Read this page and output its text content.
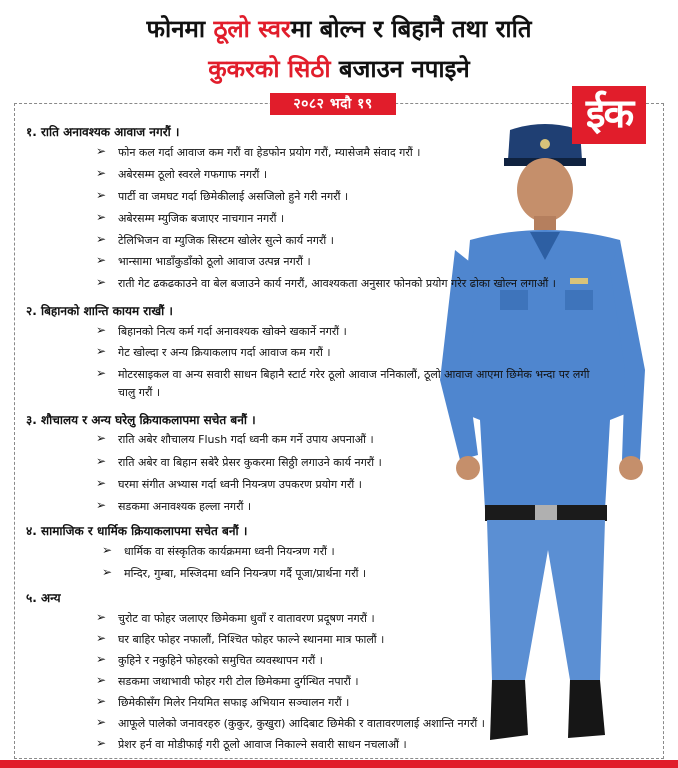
फोनमा ठूलो स्वरमा बोल्न र बिहानै तथा राति
कुकरको सिठी बजाउन नपाइने
२०८२ भदौ १९	ईक
१. राति अनावश्यक आवाज नगरौं ।
➢ फोन कल गर्दा आवाज कम गरौं वा हेडफोन प्रयोग गरौं, म्यासेजमै संवाद गरौं ।
➢ अबेरसम्म ठूलो स्वरले गफगाफ नगरौं ।
➢ पार्टी वा जमघट गर्दा छिमेकीलाई असजिलो हुने गरी नगरौं ।
➢ अबेरसम्म म्युजिक बजाएर नाचगान नगरौं ।
➢ टेलिभिजन वा म्युजिक सिस्टम खोलेर सुत्ने कार्य नगरौं ।
➢ भान्सामा भाडाँकुडाँको ठूलो आवाज उत्पन्न नगरौं ।
➢ राती गेट ढकढकाउने वा बेल बजाउने कार्य नगरौं, आवश्यकता अनुसार फोनको प्रयोग गरेर ढोका खोल्न लगाऔं ।
२. बिहानको शान्ति कायम राखौं ।
➢ बिहानको नित्य कर्म गर्दा अनावश्यक खोक्ने खकार्ने नगरौं ।
➢ गेट खोल्दा र अन्य क्रियाकलाप गर्दा आवाज कम गरौं ।
➢ मोटरसाइकल वा अन्य सवारी साधन बिहानै स्टार्ट गरेर ठूलो आवाज ननिकालौं, ठूलो आवाज आएमा छिमेक भन्दा पर लगी
चालु गरौं ।
३. शौचालय र अन्य घरेलु क्रियाकलापमा सचेत बनौं ।
➢ राति अबेर शौचालय Flush गर्दा ध्वनी कम गर्ने उपाय अपनाऔं ।
➢ राति अबेर वा बिहान सबेरै प्रेसर कुकरमा सिठ्ठी लगाउने कार्य नगरौं ।
➢ घरमा संगीत अभ्यास गर्दा ध्वनी नियन्त्रण उपकरण प्रयोग गरौं ।
➢ सडकमा अनावश्यक हल्ला नगरौं ।
४. सामाजिक र धार्मिक क्रियाकलापमा सचेत बनौं ।
➢ धार्मिक वा संस्कृतिक कार्यक्रममा ध्वनी नियन्त्रण गरौं ।
➢ मन्दिर, गुम्बा, मस्जिदमा ध्वनि नियन्त्रण गर्दै पूजा/प्रार्थना गरौं ।
५. अन्य
➢ चुरोट वा फोहर जलाएर छिमेकमा धुवाँ र वातावरण प्रदूषण नगरौं ।
➢ घर बाहिर फोहर नफालौं, निश्चित फोहर फाल्ने स्थानमा मात्र फालौं ।
➢ कुहिने र नकुहिने फोहरको समुचित व्यवस्थापन गरौं ।
➢ सडकमा जथाभावी फोहर गरी टोल छिमेकमा दुर्गन्धित नपारौं ।
➢ छिमेकीसँग मिलेर नियमित सफाइ अभियान सञ्चालन गरौं ।
➢ आफूले पालेको जनावरहरु (कुकुर, कुखुरा) आदिबाट छिमेकी र वातावरणलाई अशान्ति नगरौं ।
➢ प्रेशर हर्न वा मोडीफाई गरी ठूलो आवाज निकाल्ने सवारी साधन नचलाऔं ।
